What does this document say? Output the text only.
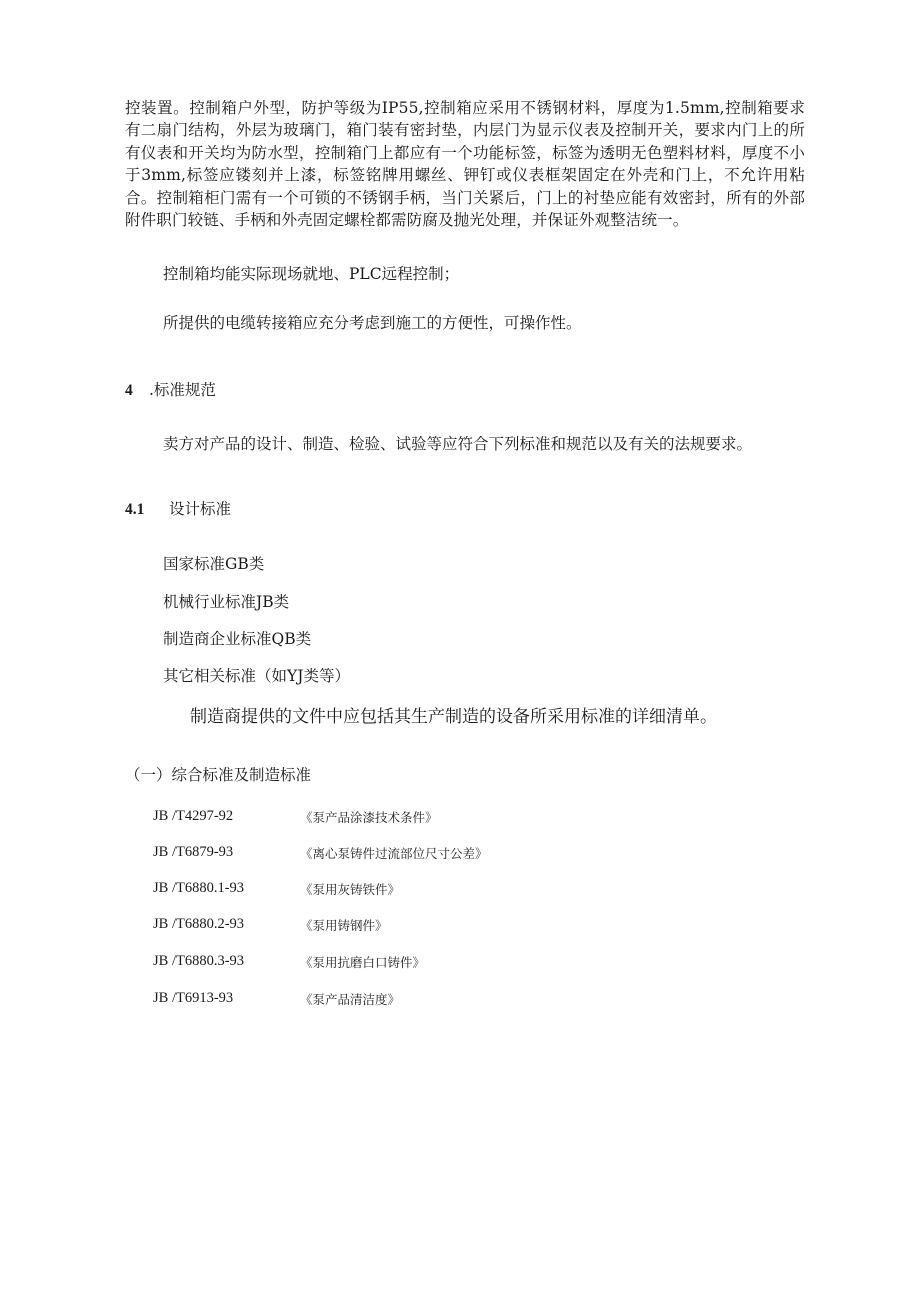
控装置。控制箱户外型，防护等级为IP55,控制箱应采用不锈钢材料，厚度为1.5mm,控制箱要求有二扇门结构，外层为玻璃门，箱门装有密封垫，内层门为显示仪表及控制开关，要求内门上的所有仪表和开关均为防水型，控制箱门上都应有一个功能标签，标签为透明无色塑料材料，厚度不小于3mm,标签应镂刻并上漆，标签铭牌用螺丝、钾钉或仪表框架固定在外壳和门上，不允许用粘合。控制箱柜门需有一个可锁的不锈钢手柄，当门关紧后，门上的衬垫应能有效密封，所有的外部附件职门较链、手柄和外壳固定螺栓都需防腐及抛光处理，并保证外观整洁统一。
控制箱均能实际现场就地、PLC远程控制；
所提供的电缆转接箱应充分考虑到施工的方便性，可操作性。
4 .标准规范
卖方对产品的设计、制造、检验、试验等应符合下列标准和规范以及有关的法规要求。
4.1 设计标准
国家标准GB类
机械行业标准JB类
制造商企业标准QB类
其它相关标准（如YJ类等）
制造商提供的文件中应包括其生产制造的设备所采用标准的详细清单。
（一）综合标准及制造标准
JB /T4297-92	《泵产品涂漆技术条件》
JB /T6879-93	《离心泵铸件过流部位尺寸公差》
JB /T6880.1-93	《泵用灰铸铁件》
JB /T6880.2-93	《泵用铸钢件》
JB /T6880.3-93	《泵用抗磨白口铸件》
JB /T6913-93	《泵产品清洁度》
